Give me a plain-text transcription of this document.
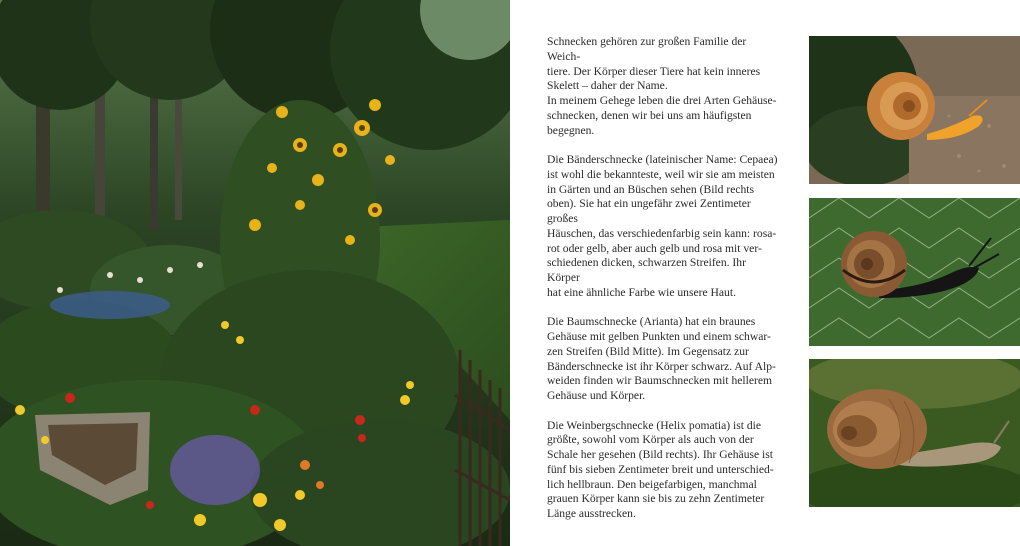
Schnecken gehören zur großen Familie der Weich-
tiere. Der Körper dieser Tiere hat kein inneres
Skelett – daher der Name.
In meinem Gehege leben die drei Arten Gehäuse-
schnecken, denen wir bei uns am häufigsten
begegnen.

Die Bänderschnecke (lateinischer Name: Cepaea)
ist wohl die bekannteste, weil wir sie am meisten
in Gärten und an Büschen sehen (Bild rechts
oben). Sie hat ein ungefähr zwei Zentimeter großes
Häuschen, das verschiedenfarbig sein kann: rosa-
rot oder gelb, aber auch gelb und rosa mit ver-
schiedenen dicken, schwarzen Streifen. Ihr Körper
hat eine ähnliche Farbe wie unsere Haut.

Die Baumschnecke (Arianta) hat ein braunes
Gehäuse mit gelben Punkten und einem schwar-
zen Streifen (Bild Mitte). Im Gegensatz zur
Bänderschnecke ist ihr Körper schwarz. Auf Alp-
weiden finden wir Baumschnecken mit hellerem
Gehäuse und Körper.

Die Weinbergschnecke (Helix pomatia) ist die
größte, sowohl vom Körper als auch von der
Schale her gesehen (Bild rechts). Ihr Gehäuse ist
fünf bis sieben Zentimeter breit und unterschied-
lich hellbraun. Den beigefarbigen, manchmal
grauen Körper kann sie bis zu zehn Zentimeter
Länge ausstrecken.
